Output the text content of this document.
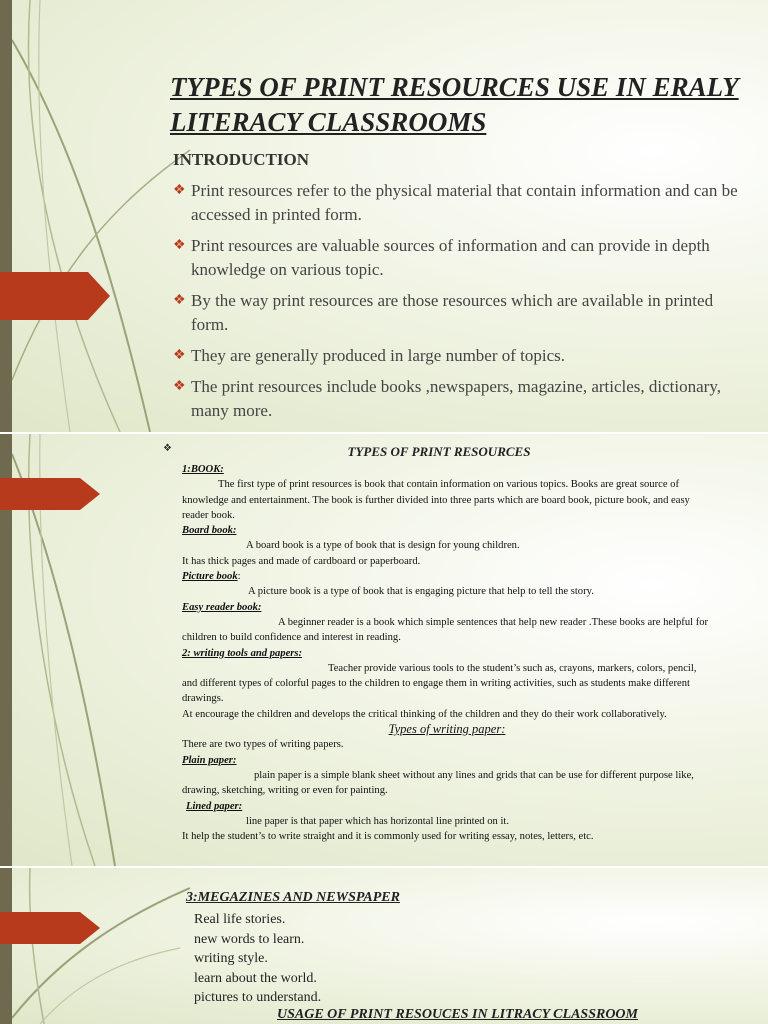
TYPES OF PRINT RESOURCES USE IN ERALY LITERACY CLASSROOMS

INTRODUCTION

❖ Print resources refer to the physical material that contain information and can be accessed in printed form.
❖ Print resources are valuable sources of information and can provide in depth knowledge on various topic.
❖ By the way print resources are those resources which are available in printed form.
❖ They are generally produced in large number of topics.
❖ The print resources include books ,newspapers, magazine, articles, dictionary, many more.
❖	TYPES OF PRINT RESOURCES

1:BOOK:

The first type of print resources is book that contain information on various topics. Books are great source of knowledge and entertainment. The book is further divided into three parts which are board book, picture book, and easy reader book.

Board book:

A board book is a type of book that is design for young children.

It has thick pages and made of cardboard or paperboard.

Picture book:

A picture book is a type of book that is engaging picture that help to tell the story.

Easy reader book:

A beginner reader is a book which simple sentences that help new reader .These books are helpful for children to build confidence and interest in reading.

2: writing tools and papers:

Teacher provide various tools to the student’s such as, crayons, markers, colors, pencil, and different types of colorful pages to the children to engage them in writing activities, such as students make different drawings.

At encourage the children and develops the critical thinking of the children and they do their work collaboratively.

Types of writing paper:

There are two types of writing papers.

Plain paper:

plain paper is a simple blank sheet without any lines and grids that can be use for different purpose like, drawing, sketching, writing or even for painting.

Lined paper:

line paper is that paper which has horizontal line printed on it.

It help the student’s to write straight and it is commonly used for writing essay, notes, letters, etc.

3:MEGAZINES AND NEWSPAPER

Real life stories.
new words to learn.
writing style.
learn about the world.
pictures to understand.

USAGE OF PRINT RESOUCES IN LITRACY CLASSROOM
